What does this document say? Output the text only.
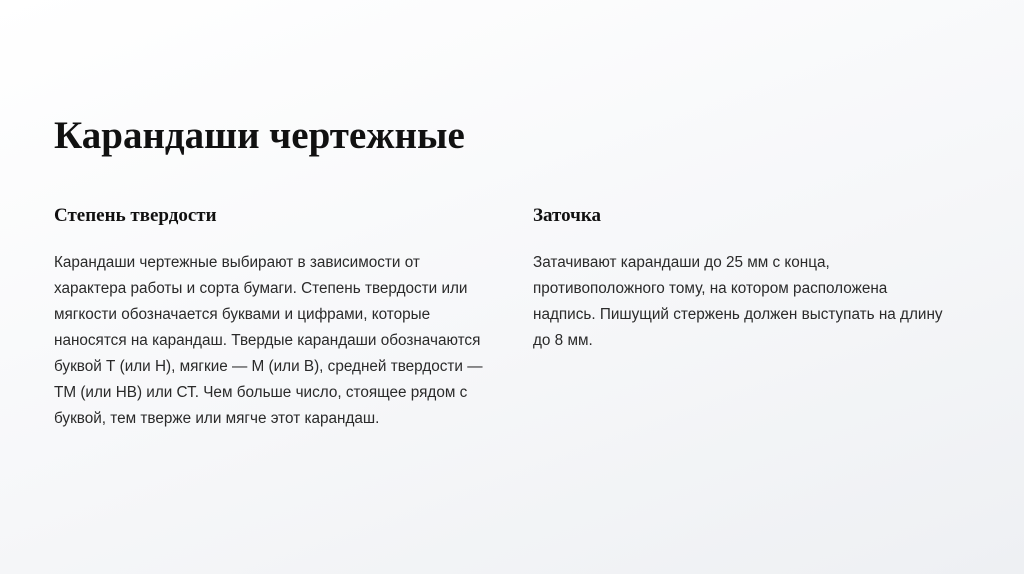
Карандаши чертежные
Степень твердости

Карандаши чертежные выбирают в зависимости от характера работы и сорта бумаги. Степень твердости или мягкости обозначается буквами и цифрами, которые наносятся на карандаш. Твердые карандаши обозначаются буквой Т (или Н), мягкие — М (или В), средней твердости — ТМ (или НВ) или СТ. Чем больше число, стоящее рядом с буквой, тем тверже или мягче этот карандаш.

Заточка

Затачивают карандаши до 25 мм с конца, противоположного тому, на котором расположена надпись. Пишущий стержень должен выступать на длину до 8 мм.
